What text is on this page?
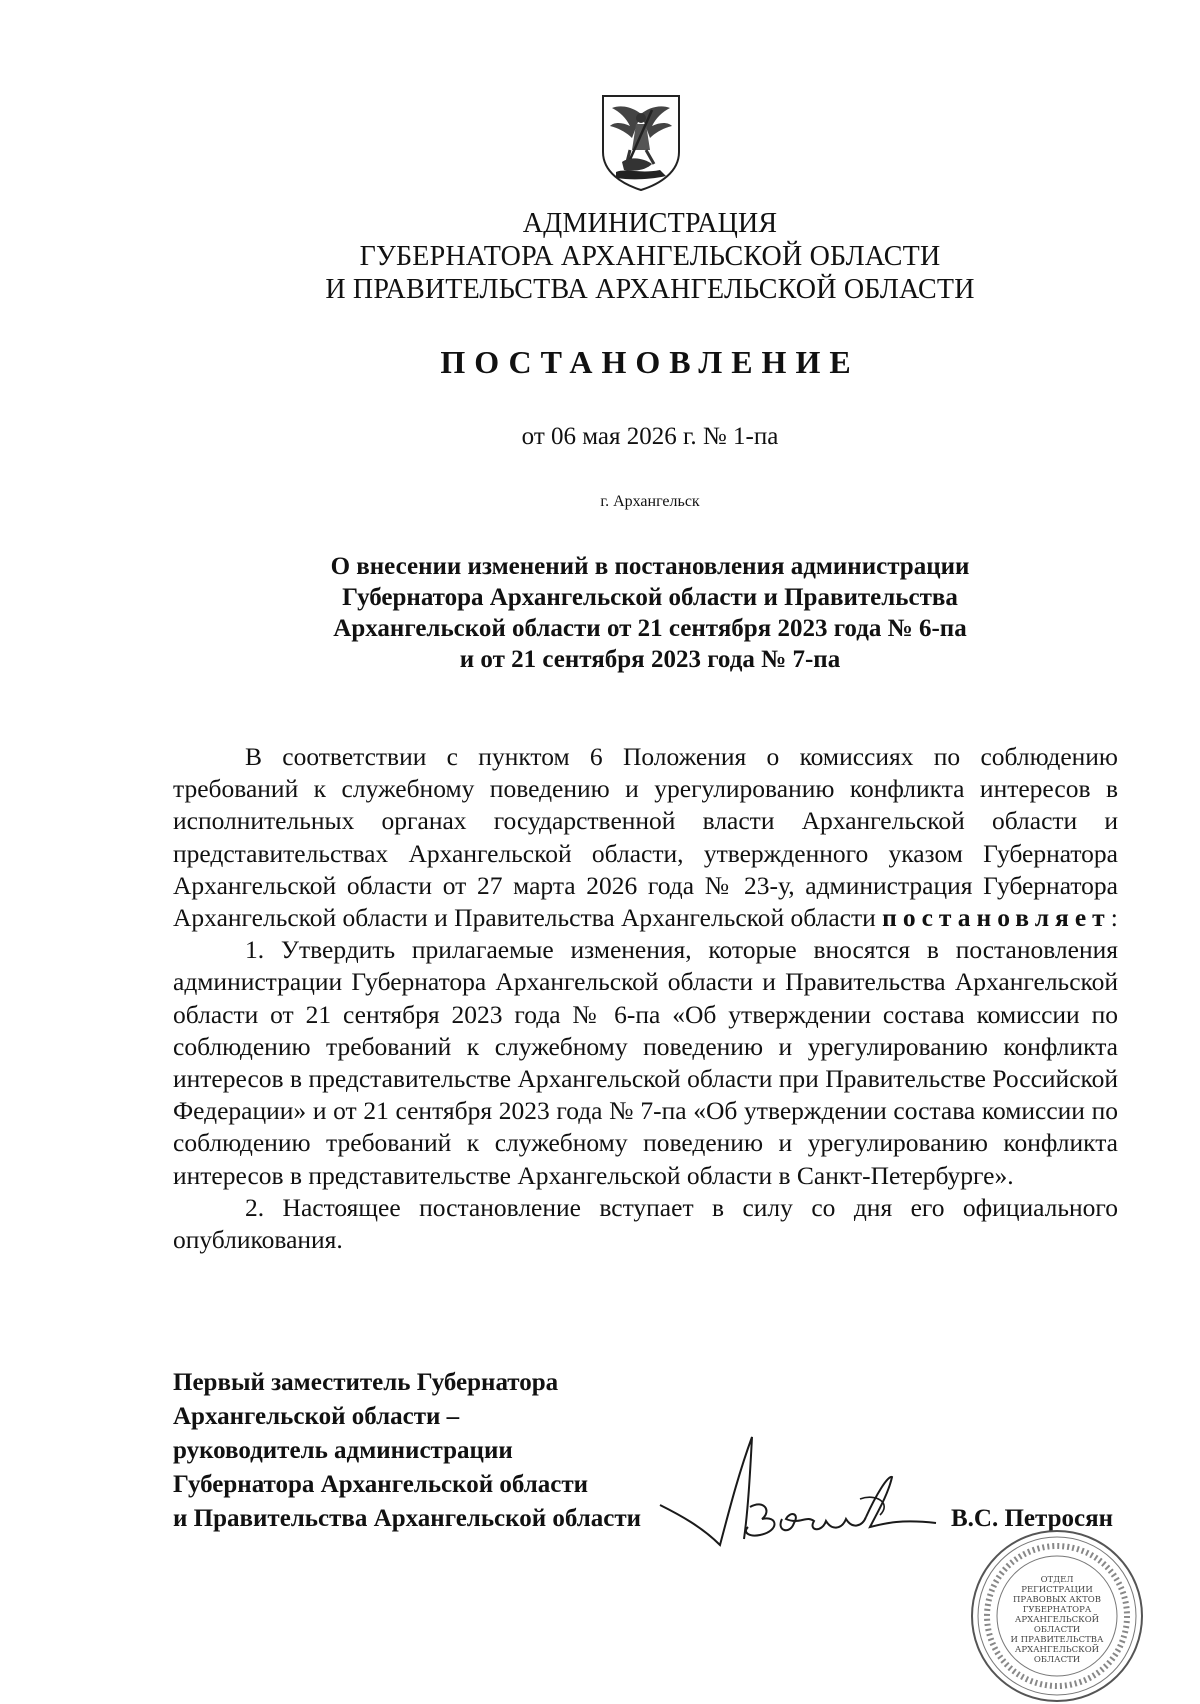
АДМИНИСТРАЦИЯ
ГУБЕРНАТОРА АРХАНГЕЛЬСКОЙ ОБЛАСТИ
И ПРАВИТЕЛЬСТВА АРХАНГЕЛЬСКОЙ ОБЛАСТИ
ПОСТАНОВЛЕНИЕ
от 06 мая 2026 г. № 1-па
г. Архангельск
О внесении изменений в постановления администрации
Губернатора Архангельской области и Правительства
Архангельской области от 21 сентября 2023 года № 6-па
и от 21 сентября 2023 года № 7-па

В соответствии с пунктом 6 Положения о комиссиях по соблюдению требований к служебному поведению и урегулированию конфликта интересов в исполнительных органах государственной власти Архангельской области и представительствах Архангельской области, утвержденного указом Губернатора Архангельской области от 27 марта 2026 года № 23-у, администрация Губернатора Архангельской области и Правительства Архангельской области постановляет:

1. Утвердить прилагаемые изменения, которые вносятся в постановления администрации Губернатора Архангельской области и Правительства Архангельской области от 21 сентября 2023 года № 6-па «Об утверждении состава комиссии по соблюдению требований к служебному поведению и урегулированию конфликта интересов в представительстве Архангельской области при Правительстве Российской Федерации» и от 21 сентября 2023 года № 7-па «Об утверждении состава комиссии по соблюдению требований к служебному поведению и урегулированию конфликта интересов в представительстве Архангельской области в Санкт-Петербурге».

2. Настоящее постановление вступает в силу со дня его официального опубликования.

Первый заместитель Губернатора
Архангельской области –
руководитель администрации
Губернатора Архангельской области
и Правительства Архангельской области	В.С. Петросян
ОТДЕЛ
РЕГИСТРАЦИИ
ПРАВОВЫХ АКТОВ
ГУБЕРНАТОРА
АРХАНГЕЛЬСКОЙ
ОБЛАСТИ
И ПРАВИТЕЛЬСТВА
АРХАНГЕЛЬСКОЙ
ОБЛАСТИ
